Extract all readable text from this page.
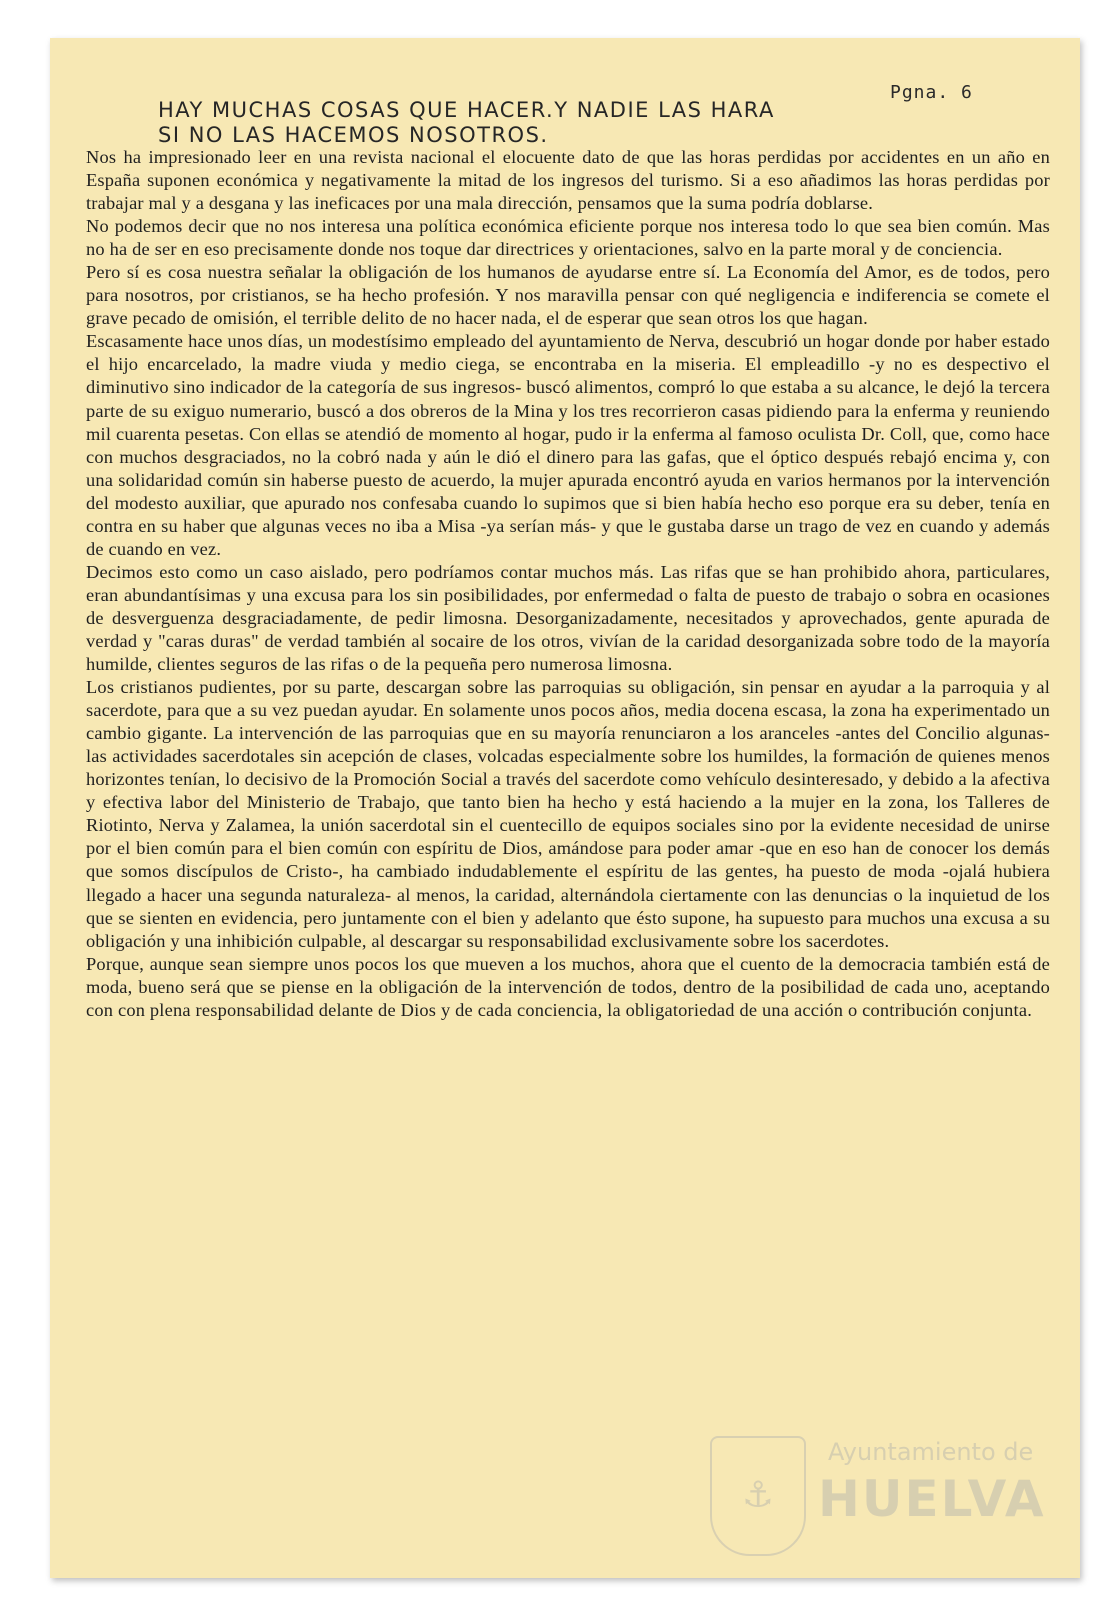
Pgna. 6
HAY MUCHAS COSAS QUE HACER.Y NADIE LAS HARA
SI NO LAS HACEMOS NOSOTROS.

Nos ha impresionado leer en una revista nacional el elocuente dato de que las horas perdidas por accidentes en un año en España suponen económica y negativamente la mitad de los ingresos del turismo. Si a eso añadimos las horas perdidas por trabajar mal y a desgana y las ineficaces por una mala dirección, pensamos que la suma podría doblarse.

No podemos decir que no nos interesa una política económica eficiente porque nos interesa todo lo que sea bien común. Mas no ha de ser en eso precisamente donde nos toque dar directrices y orientaciones, salvo en la parte moral y de conciencia.

Pero sí es cosa nuestra señalar la obligación de los humanos de ayudarse entre sí. La Economía del Amor, es de todos, pero para nosotros, por cristianos, se ha hecho profesión. Y nos maravilla pensar con qué negligencia e indiferencia se comete el grave pecado de omisión, el terrible delito de no hacer nada, el de esperar que sean otros los que hagan.

Escasamente hace unos días, un modestísimo empleado del ayuntamiento de Nerva, descubrió un hogar donde por haber estado el hijo encarcelado, la madre viuda y medio ciega, se encontraba en la miseria. El empleadillo -y no es despectivo el diminutivo sino indicador de la categoría de sus ingresos- buscó alimentos, compró lo que estaba a su alcance, le dejó la tercera parte de su exiguo numerario, buscó a dos obreros de la Mina y los tres recorrieron casas pidiendo para la enferma y reuniendo mil cuarenta pesetas. Con ellas se atendió de momento al hogar, pudo ir la enferma al famoso oculista Dr. Coll, que, como hace con muchos desgraciados, no la cobró nada y aún le dió el dinero para las gafas, que el óptico después rebajó encima y, con una solidaridad común sin haberse puesto de acuerdo, la mujer apurada encontró ayuda en varios hermanos por la intervención del modesto auxiliar, que apurado nos confesaba cuando lo supimos que si bien había hecho eso porque era su deber, tenía en contra en su haber que algunas veces no iba a Misa -ya serían más- y que le gustaba darse un trago de vez en cuando y además de cuando en vez.

Decimos esto como un caso aislado, pero podríamos contar muchos más. Las rifas que se han prohibido ahora, particulares, eran abundantísimas y una excusa para los sin posibilidades, por enfermedad o falta de puesto de trabajo o sobra en ocasiones de desverguenza desgraciadamente, de pedir limosna. Desorganizadamente, necesitados y aprovechados, gente apurada de verdad y "caras duras" de verdad también al socaire de los otros, vivían de la caridad desorganizada sobre todo de la mayoría humilde, clientes seguros de las rifas o de la pequeña pero numerosa limosna.

Los cristianos pudientes, por su parte, descargan sobre las parroquias su obligación, sin pensar en ayudar a la parroquia y al sacerdote, para que a su vez puedan ayudar. En solamente unos pocos años, media docena escasa, la zona ha experimentado un cambio gigante. La intervención de las parroquias que en su mayoría renunciaron a los aranceles -antes del Concilio algunas- las actividades sacerdotales sin acepción de clases, volcadas especialmente sobre los humildes, la formación de quienes menos horizontes tenían, lo decisivo de la Promoción Social a través del sacerdote como vehículo desinteresado, y debido a la afectiva y efectiva labor del Ministerio de Trabajo, que tanto bien ha hecho y está haciendo a la mujer en la zona, los Talleres de Riotinto, Nerva y Zalamea, la unión sacerdotal sin el cuentecillo de equipos sociales sino por la evidente necesidad de unirse por el bien común para el bien común con espíritu de Dios, amándose para poder amar -que en eso han de conocer los demás que somos discípulos de Cristo-, ha cambiado indudablemente el espíritu de las gentes, ha puesto de moda -ojalá hubiera llegado a hacer una segunda naturaleza- al menos, la caridad, alternándola ciertamente con las denuncias o la inquietud de los que se sienten en evidencia, pero juntamente con el bien y adelanto que ésto supone, ha supuesto para muchos una excusa a su obligación y una inhibición culpable, al descargar su responsabilidad exclusivamente sobre los sacerdotes.

Porque, aunque sean siempre unos pocos los que mueven a los muchos, ahora que el cuento de la democracia también está de moda, bueno será que se piense en la obligación de la intervención de todos, dentro de la posibilidad de cada uno, aceptando con con plena responsabilidad delante de Dios y de cada conciencia, la obligatoriedad de una acción o contribución conjunta.

⚓
Ayuntamiento de
HUELVA
